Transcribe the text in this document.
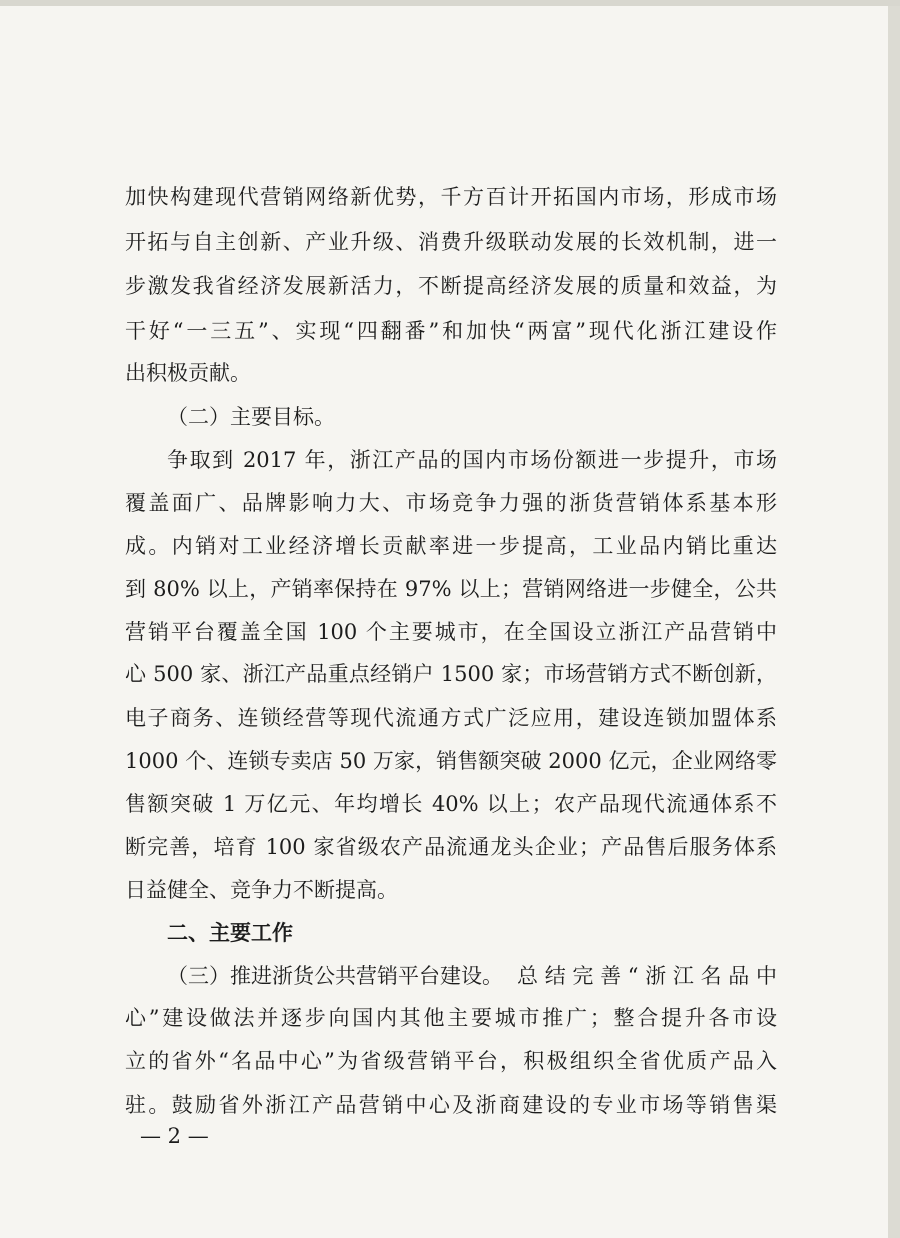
加快构建现代营销网络新优势，千方百计开拓国内市场，形成市场
开拓与自主创新、产业升级、消费升级联动发展的长效机制，进一
步激发我省经济发展新活力，不断提高经济发展的质量和效益，为
干好“一三五”、实现“四翻番”和加快“两富”现代化浙江建设作
出积极贡献。
（二）主要目标。
争取到 2017 年，浙江产品的国内市场份额进一步提升，市场
覆盖面广、品牌影响力大、市场竞争力强的浙货营销体系基本形
成。内销对工业经济增长贡献率进一步提高，工业品内销比重达
到 80% 以上，产销率保持在 97% 以上；营销网络进一步健全，公共
营销平台覆盖全国 100 个主要城市，在全国设立浙江产品营销中
心 500 家、浙江产品重点经销户 1500 家；市场营销方式不断创新，
电子商务、连锁经营等现代流通方式广泛应用，建设连锁加盟体系
1000 个、连锁专卖店 50 万家，销售额突破 2000 亿元，企业网络零
售额突破 1 万亿元、年均增长 40% 以上；农产品现代流通体系不
断完善，培育 100 家省级农产品流通龙头企业；产品售后服务体系
日益健全、竞争力不断提高。
二、主要工作
（三）推进浙货公共营销平台建设。 总结完善“浙江名品中
心”建设做法并逐步向国内其他主要城市推广；整合提升各市设
立的省外“名品中心”为省级营销平台，积极组织全省优质产品入
驻。鼓励省外浙江产品营销中心及浙商建设的专业市场等销售渠
— 2 —
